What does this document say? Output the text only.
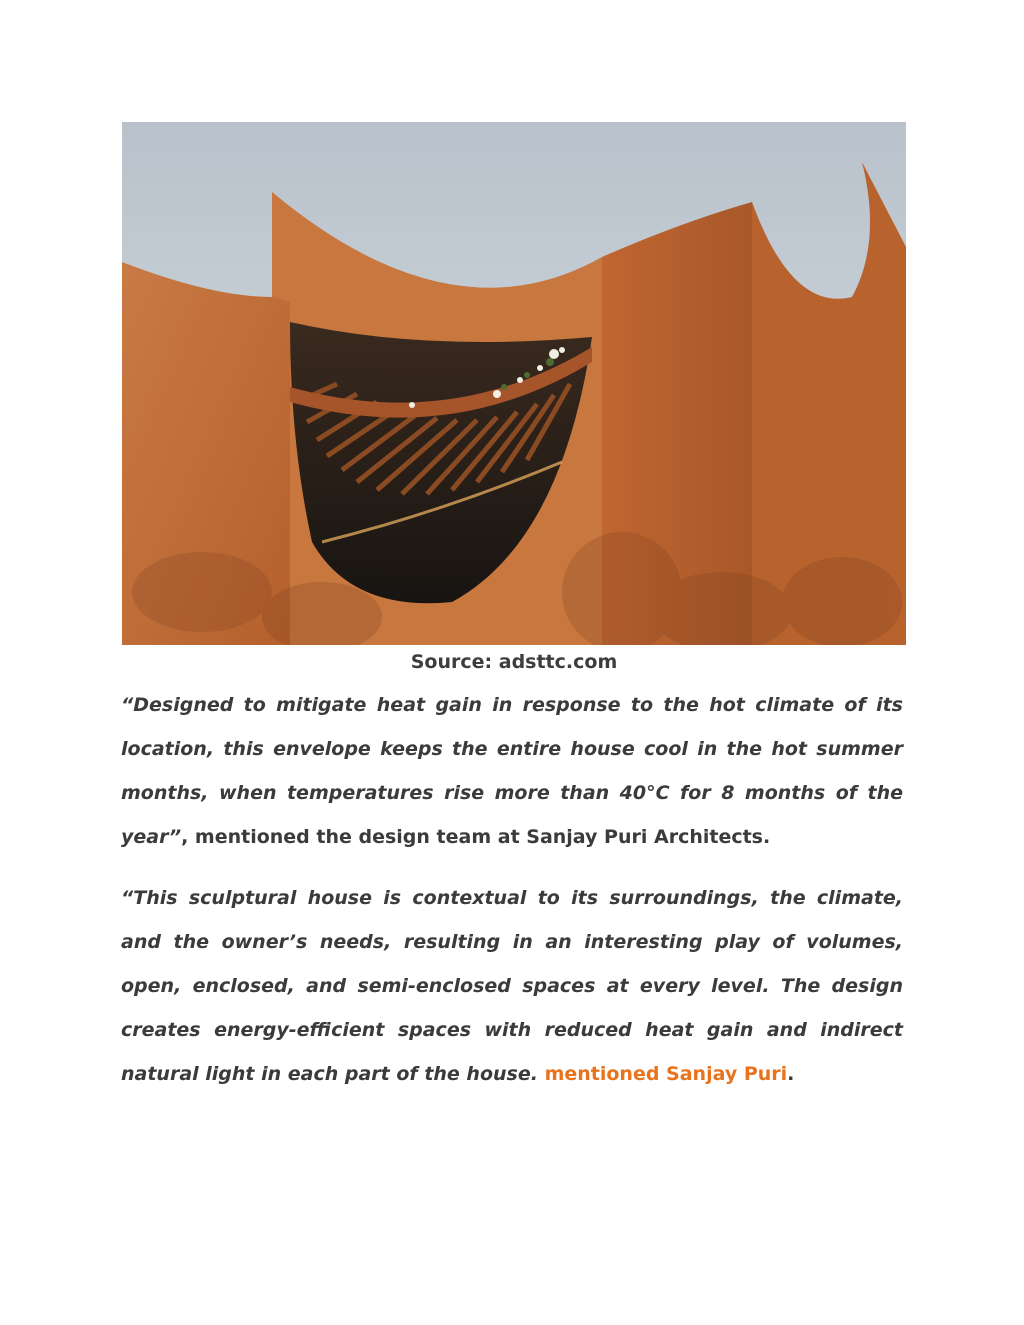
Source: adsttc.com

“Designed to mitigate heat gain in response to the hot climate of its location, this envelope keeps the entire house cool in the hot summer months, when temperatures rise more than 40°C for 8 months of the year”, mentioned the design team at Sanjay Puri Architects.

“This sculptural house is contextual to its surroundings, the climate, and the owner’s needs, resulting in an interesting play of volumes, open, enclosed, and semi-enclosed spaces at every level. The design creates energy-efficient spaces with reduced heat gain and indirect natural light in each part of the house. mentioned Sanjay Puri.
